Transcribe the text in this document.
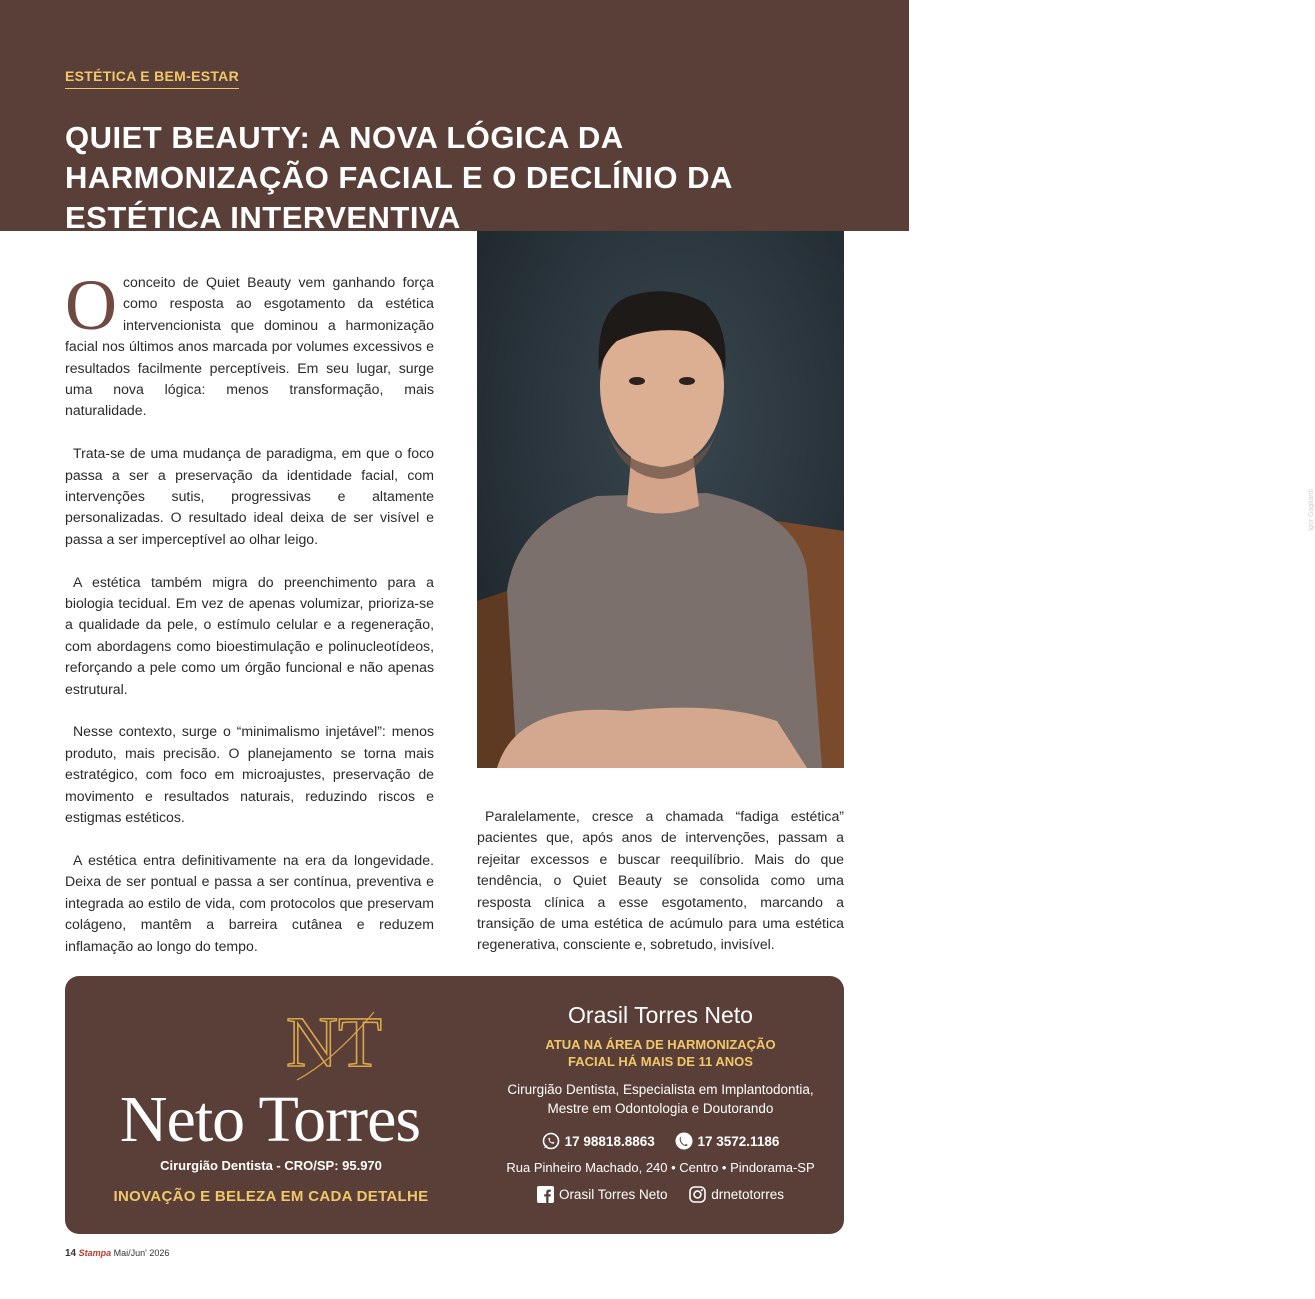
ESTÉTICA E BEM-ESTAR
QUIET BEAUTY: A NOVA LÓGICA DA HARMONIZAÇÃO FACIAL E O DECLÍNIO DA ESTÉTICA INTERVENTIVA

Oconceito de Quiet Beauty vem ganhando força como resposta ao esgotamento da estética intervencionista que dominou a harmonização facial nos últimos anos marcada por volumes excessivos e resultados facilmente perceptíveis. Em seu lugar, surge uma nova lógica: menos transformação, mais naturalidade.

Trata-se de uma mudança de paradigma, em que o foco passa a ser a preservação da identidade facial, com intervenções sutis, progressivas e altamente personalizadas. O resultado ideal deixa de ser visível e passa a ser imperceptível ao olhar leigo.

A estética também migra do preenchimento para a biologia tecidual. Em vez de apenas volumizar, prioriza-se a qualidade da pele, o estímulo celular e a regeneração, com abordagens como bioestimulação e polinucleotídeos, reforçando a pele como um órgão funcional e não apenas estrutural.

Nesse contexto, surge o “minimalismo injetável”: menos produto, mais precisão. O planejamento se torna mais estratégico, com foco em microajustes, preservação de movimento e resultados naturais, reduzindo riscos e estigmas estéticos.

A estética entra definitivamente na era da longevidade. Deixa de ser pontual e passa a ser contínua, preventiva e integrada ao estilo de vida, com protocolos que preservam colágeno, mantêm a barreira cutânea e reduzem inflamação ao longo do tempo.

Igor Gagliardi

Paralelamente, cresce a chamada “fadiga estética” pacientes que, após anos de intervenções, passam a rejeitar excessos e buscar reequilíbrio. Mais do que tendência, o Quiet Beauty se consolida como uma resposta clínica a esse esgotamento, marcando a transição de uma estética de acúmulo para uma estética regenerativa, consciente e, sobretudo, invisível.

NT
Neto Torres
Cirurgião Dentista - CRO/SP: 95.970
INOVAÇÃO E BELEZA EM CADA DETALHE
Orasil Torres Neto
ATUA NA ÁREA DE HARMONIZAÇÃO
FACIAL HÁ MAIS DE 11 ANOS
Cirurgião Dentista, Especialista em Implantodontia,
Mestre em Odontologia e Doutorando
17 98818.8863
	17 3572.1186
Rua Pinheiro Machado, 240 • Centro • Pindorama-SP
Orasil Torres Neto
	drnetotorres
14 Stampa Mai/Jun' 2026
